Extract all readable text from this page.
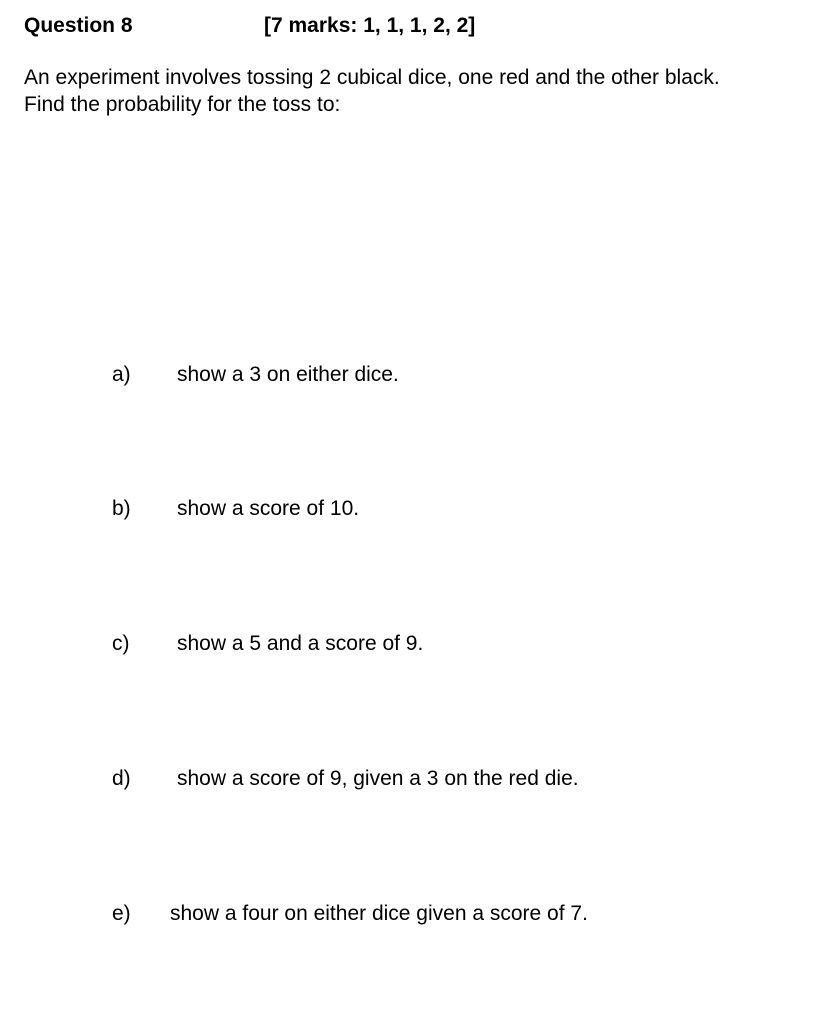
Question 8	[7 marks: 1, 1, 1, 2, 2]
An experiment involves tossing 2 cubical dice, one red and the other black.
Find the probability for the toss to:
a) show a 3 on either dice.
b) show a score of 10.
c) show a 5 and a score of 9.
d) show a score of 9, given a 3 on the red die.
e) show a four on either dice given a score of 7.
